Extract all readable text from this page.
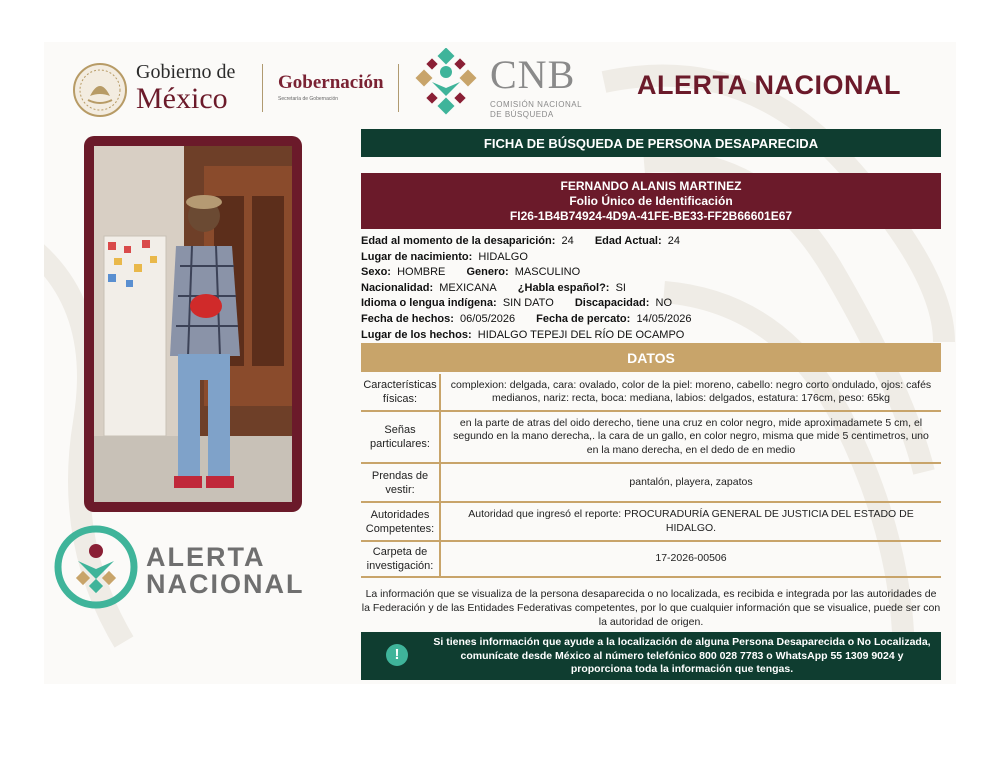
Gobierno de
México	Gobernación
Secretaría de Gobernación
CNB
COMISIÓN NACIONAL
DE BÚSQUEDA
ALERTA NACIONAL
ALERTA
NACIONAL
FICHA DE BÚSQUEDA DE PERSONA DESAPARECIDA
FERNANDO ALANIS MARTINEZ
Folio Único de Identificación
FI26-1B4B74924-4D9A-41FE-BE33-FF2B66601E67
Edad al momento de la desaparición: 24 Edad Actual: 24
Lugar de nacimiento: HIDALGO
Sexo: HOMBRE Genero: MASCULINO
Nacionalidad: MEXICANA ¿Habla español?: SI
Idioma o lengua indígena: SIN DATO Discapacidad: NO
Fecha de hechos: 06/05/2026 Fecha de percato: 14/05/2026
Lugar de los hechos: HIDALGO TEPEJI DEL RÍO DE OCAMPO
DATOS
Características físicas:
complexion: delgada, cara: ovalado, color de la piel: moreno, cabello: negro corto ondulado, ojos: cafés medianos, nariz: recta, boca: mediana, labios: delgados, estatura: 176cm, peso: 65kg
Señas particulares:
en la parte de atras del oido derecho, tiene una cruz en color negro, mide aproximadamete 5 cm, el segundo en la mano derecha,. la cara de un gallo, en color negro, misma que mide 5 centimetros, uno en la mano derecha, en el dedo de en medio
Prendas de vestir:
pantalón, playera, zapatos
Autoridades Competentes:
Autoridad que ingresó el reporte: PROCURADURÍA GENERAL DE JUSTICIA DEL ESTADO DE HIDALGO.
Carpeta de investigación:
17-2026-00506
La información que se visualiza de la persona desaparecida o no localizada, es recibida e integrada por las autoridades de la Federación y de las Entidades Federativas competentes, por lo que cualquier información que se visualice, puede ser con la autoridad de origen.
!
Si tienes información que ayude a la localización de alguna Persona Desaparecida o No Localizada, comunícate desde México al número telefónico 800 028 7783 o WhatsApp 55 1309 9024 y proporciona toda la información que tengas.
